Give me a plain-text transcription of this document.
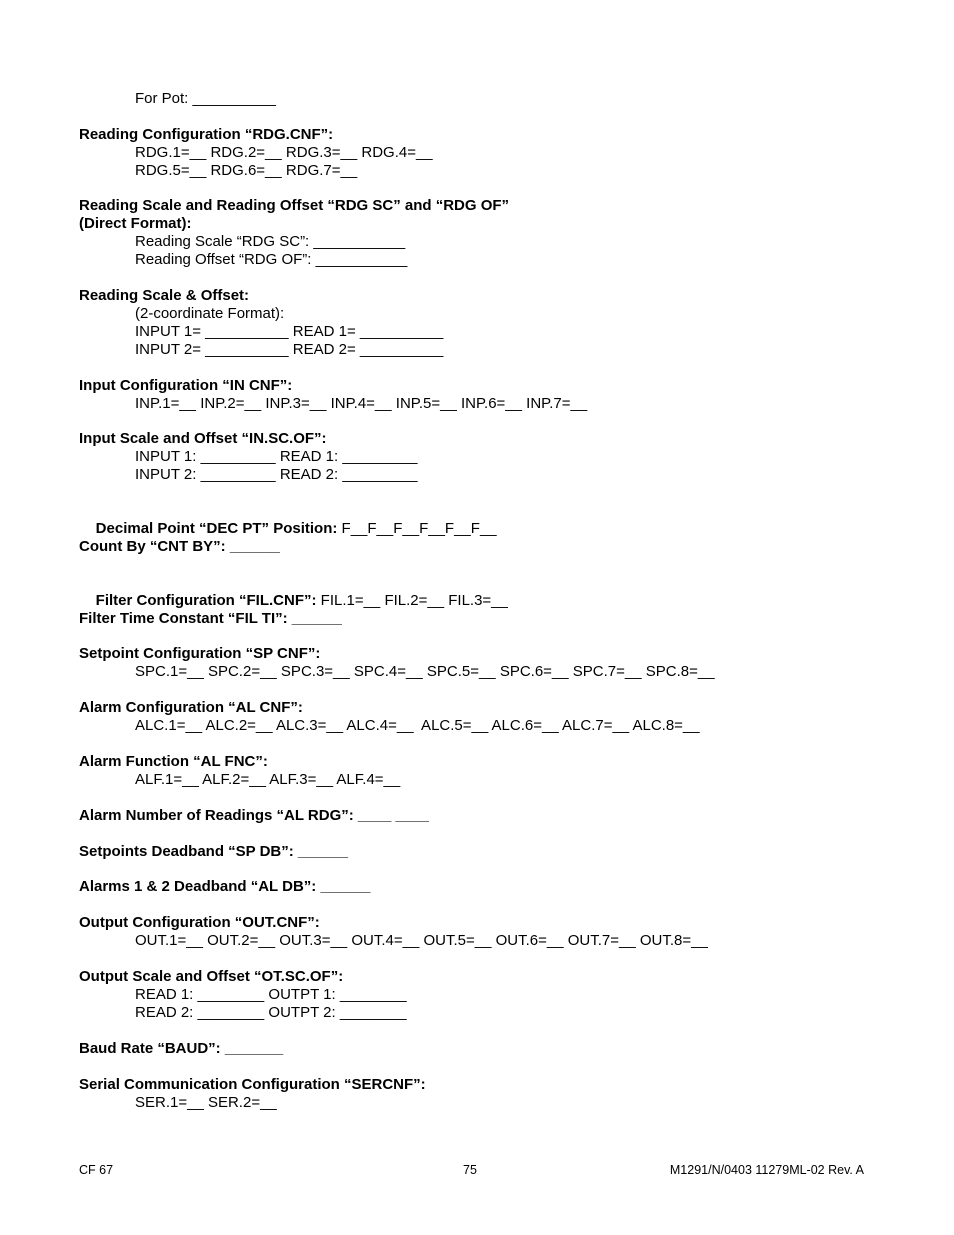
For Pot: __________
Reading Configuration “RDG.CNF”:
RDG.1=__ RDG.2=__ RDG.3=__ RDG.4=__
RDG.5=__ RDG.6=__ RDG.7=__
Reading Scale and Reading Offset “RDG SC” and “RDG OF”
(Direct Format):
Reading Scale “RDG SC”: ___________
Reading Offset “RDG OF”: ___________
Reading Scale & Offset:
(2-coordinate Format):
INPUT 1= __________ READ 1= __________
INPUT 2= __________ READ 2= __________
Input Configuration “IN CNF”:
INP.1=__ INP.2=__ INP.3=__ INP.4=__ INP.5=__ INP.6=__ INP.7=__
Input Scale and Offset “IN.SC.OF”:
INPUT 1: _________ READ 1: _________
INPUT 2: _________ READ 2: _________

Decimal Point “DEC PT” Position: F__F__F__F__F__F__

Count By “CNT BY”: ______

Filter Configuration “FIL.CNF”: FIL.1=__ FIL.2=__ FIL.3=__

Filter Time Constant “FIL TI”: ______
Setpoint Configuration “SP CNF”:
SPC.1=__ SPC.2=__ SPC.3=__ SPC.4=__ SPC.5=__ SPC.6=__ SPC.7=__ SPC.8=__
Alarm Configuration “AL CNF”:
ALC.1=__ ALC.2=__ ALC.3=__ ALC.4=__  ALC.5=__ ALC.6=__ ALC.7=__ ALC.8=__
Alarm Function “AL FNC”:
ALF.1=__ ALF.2=__ ALF.3=__ ALF.4=__
Alarm Number of Readings “AL RDG”: ____ ____
Setpoints Deadband “SP DB”: ______
Alarms 1 & 2 Deadband “AL DB”: ______
Output Configuration “OUT.CNF”:
OUT.1=__ OUT.2=__ OUT.3=__ OUT.4=__ OUT.5=__ OUT.6=__ OUT.7=__ OUT.8=__
Output Scale and Offset “OT.SC.OF”:
READ 1: ________ OUTPT 1: ________
READ 2: ________ OUTPT 2: ________
Baud Rate “BAUD”: _______
Serial Communication Configuration “SERCNF”:
SER.1=__ SER.2=__
CF 67	75	M1291/N/0403 11279ML-02 Rev. A
